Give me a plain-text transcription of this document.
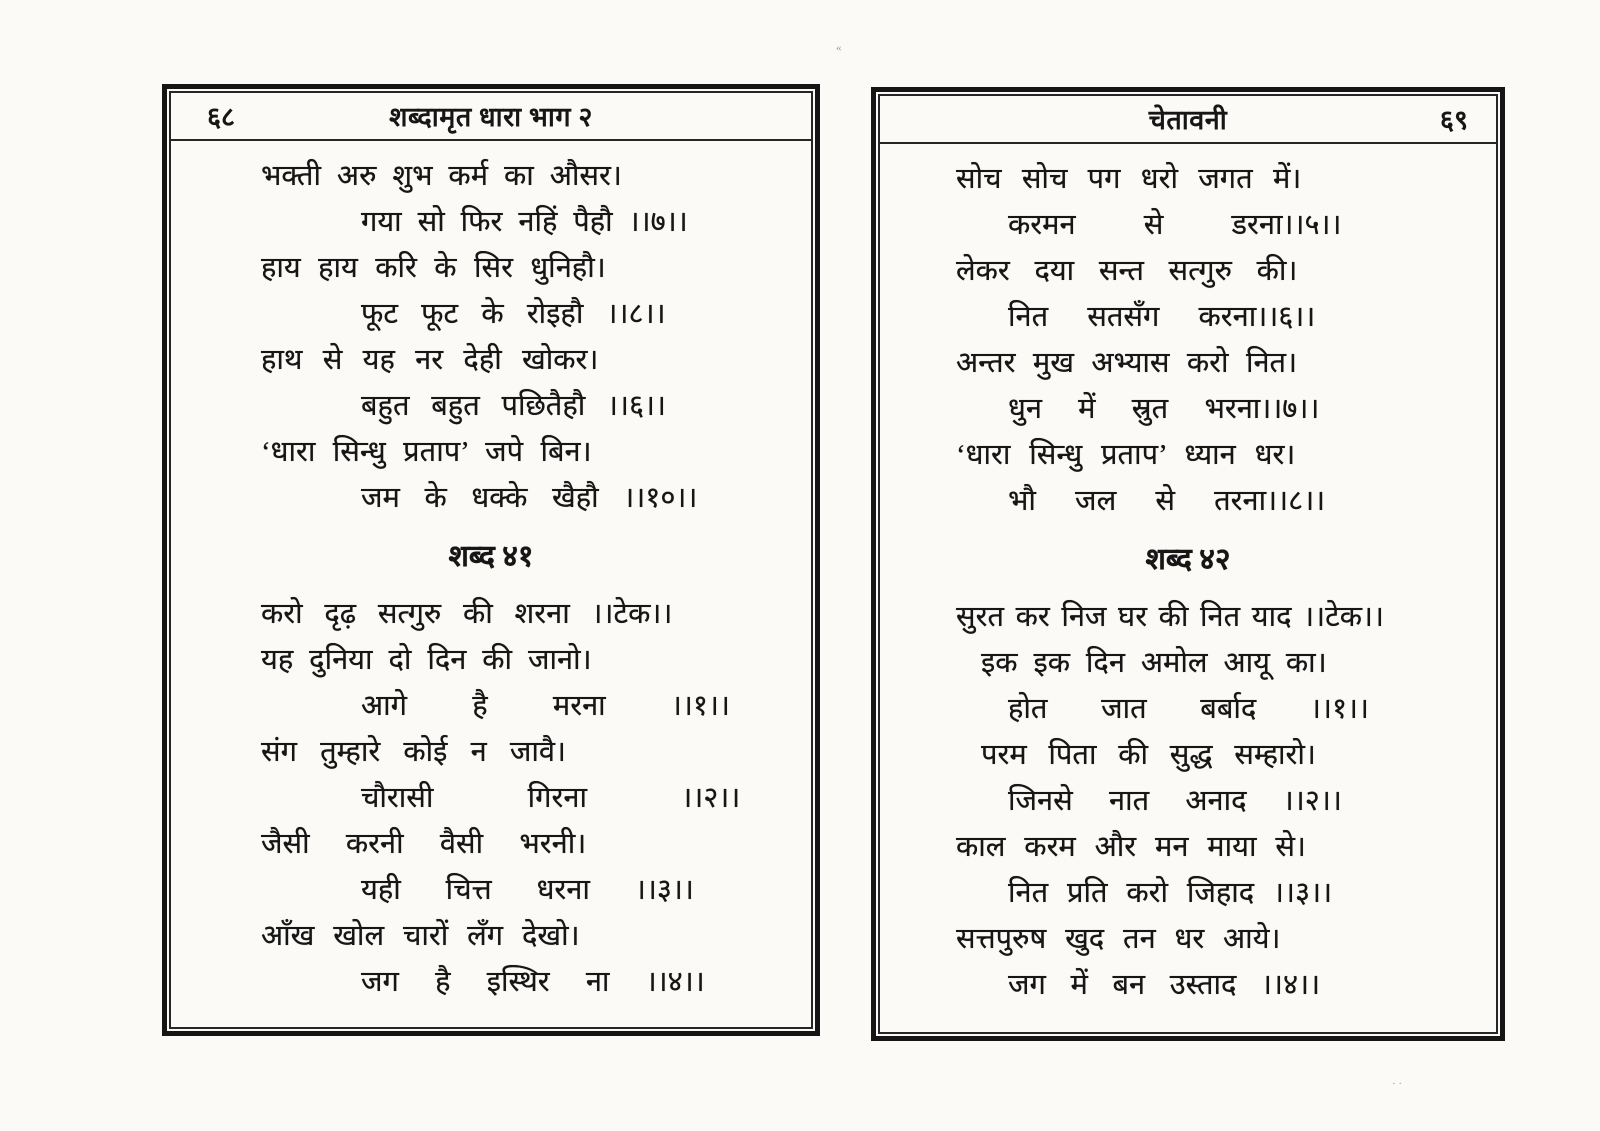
६८	शब्दामृत धारा भाग २
भक्ती अरु शुभ कर्म का औसर।
गया सो फिर नहिं पैहौ ।।७।।
हाय हाय करि के सिर धुनिहौ।
फूट फूट के रोइहौ ।।८।।
हाथ से यह नर देही खोकर।
बहुत बहुत पछितैहौ ।।६।।
‘धारा सिन्धु प्रताप’ जपे बिन।
जम के धक्के खैहौ ।।१०।।
शब्द ४१
करो दृढ़ सत्गुरु की शरना ।।टेक।।
यह दुनिया दो दिन की जानो।
आगे है मरना ।।१।।
संग तुम्हारे कोई न जावै।
चौरासी गिरना ।।२।।
जैसी करनी वैसी भरनी।
यही चित्त धरना ।।३।।
आँख खोल चारों लँग देखो।
जग है इस्थिर ना ।।४।।
६९
चेतावनी
सोच सोच पग धरो जगत में।
करमन से डरना।।५।।
लेकर दया सन्त सत्गुरु की।
नित सतसँग करना।।६।।
अन्तर मुख अभ्यास करो नित।
धुन में स्रुत भरना।।७।।
‘धारा सिन्धु प्रताप’ ध्यान धर।
भौ जल से तरना।।८।।
शब्द ४२
सुरत कर निज घर की नित याद ।।टेक।।
इक इक दिन अमोल आयू का।
होत जात बर्बाद ।।१।।
परम पिता की सुद्ध सम्हारो।
जिनसे नात अनाद ।।२।।
काल करम और मन माया से।
नित प्रति करो जिहाद ।।३।।
सत्तपुरुष खुद तन धर आये।
जग में बन उस्ताद ।।४।।
«
· ·
